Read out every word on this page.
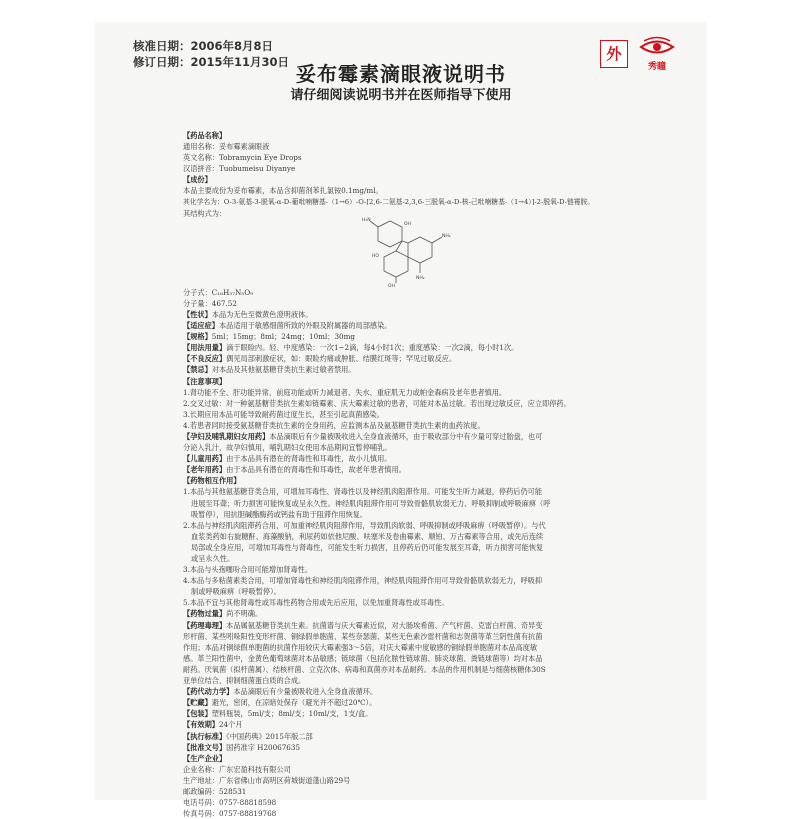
核准日期：2006年8月8日
修订日期：2015年11月30日	外
秀瞳
妥布霉素滴眼液说明书
请仔细阅读说明书并在医师指导下使用
【药品名称】
通用名称：妥布霉素滴眼液
英文名称：Tobramycin Eye Drops
汉语拼音：Tuobumeisu Diyanye
【成份】
本品主要成份为妥布霉素，本品含抑菌剂苯扎氯铵0.1mg/ml。
其化学名为：O-3-氨基-3-脱氧-α-D-葡吡喃糖基-（1→6）-O-[2,6-二氨基-2,3,6-三脱氧-α-D-核-己吡喃糖基-（1→4）]-2-脱氧-D-链霉胺。
其结构式为：
H₂N
NH₂
OH
NH₂
OH
HO
分子式：C₁₈H₃₇N₅O₉
分子量：467.52
【性状】本品为无色至微黄色澄明液体。
【适应症】本品适用于敏感细菌所致的外眼及附属器的局部感染。
【规格】5ml；15mg；8ml；24mg；10ml；30mg
【用法用量】滴于眼睑内。轻、中度感染：一次1~2滴，每4小时1次；重度感染：一次2滴，每小时1次。
【不良反应】偶见局部刺激症状，如：眼睑灼痛或肿胀、结膜红斑等；罕见过敏反应。
【禁忌】对本品及其他氨基糖苷类抗生素过敏者禁用。
【注意事项】
1.肾功能不全、肝功能异常、前庭功能或听力减退者、失水、重症肌无力或帕金森病及老年患者慎用。
2.交叉过敏：对一种氨基糖苷类抗生素如链霉素、庆大霉素过敏的患者，可能对本品过敏。若出现过敏反应，应立即停药。
3.长期应用本品可能导致耐药菌过度生长，甚至引起真菌感染。
4.若患者同时接受氨基糖苷类抗生素的全身用药，应监测本品及氨基糖苷类抗生素的血药浓度。
【孕妇及哺乳期妇女用药】本品滴眼后有少量被吸收进入全身血液循环，由于吸收部分中有少量可穿过胎盘，也可
分泌入乳汁，故孕妇慎用，哺乳期妇女使用本品期间宜暂停哺乳。
【儿童用药】由于本品具有潜在的肾毒性和耳毒性，故小儿慎用。
【老年用药】由于本品具有潜在的肾毒性和耳毒性，故老年患者慎用。
【药物相互作用】
1.本品与其他氨基糖苷类合用，可增加耳毒性、肾毒性以及神经肌肉阻滞作用。可能发生听力减退，停药后仍可能
进展至耳聋；听力损害可能恢复或呈永久性。神经肌肉阻滞作用可导致骨骼肌软弱无力、呼吸抑制或呼吸麻痹（呼
吸暂停），用抗胆碱酯酶药或钙盐有助于阻滞作用恢复。
2.本品与神经肌肉阻滞药合用，可加重神经肌肉阻滞作用，导致肌肉软弱、呼吸抑制或呼吸麻痹（呼吸暂停）。与代
血浆类药如右旋糖酐、海藻酸钠，利尿药如依他尼酸、呋塞米及卷曲霉素、顺铂、万古霉素等合用，或先后连续
局部或全身应用，可增加耳毒性与肾毒性，可能发生听力损害，且停药后仍可能发展至耳聋，听力损害可能恢复
或呈永久性。
3.本品与头孢噻吩合用可能增加肾毒性。
4.本品与多粘菌素类合用，可增加肾毒性和神经肌肉阻滞作用，神经肌肉阻滞作用可导致骨骼肌软弱无力，呼吸抑
制或呼吸麻痹（呼吸暂停）。
5.本品不宜与其他肾毒性或耳毒性药物合用或先后应用，以免加重肾毒性或耳毒性。
【药物过量】尚不明确。
【药理毒理】本品属氨基糖苷类抗生素。抗菌谱与庆大霉素近似，对大肠埃希菌、产气杆菌、克雷白杆菌、奇异变
形杆菌、某些吲哚阳性变形杆菌、铜绿假单胞菌、某些奈瑟菌、某些无色素沙雷杆菌和志贺菌等革兰阴性菌有抗菌
作用；本品对铜绿假单胞菌的抗菌作用较庆大霉素强3～5倍，对庆大霉素中度敏感的铜绿假单胞菌对本品高度敏
感。革兰阳性菌中，金黄色葡萄球菌对本品敏感；链球菌（包括化脓性链球菌、肺炎球菌、粪链球菌等）均对本品
耐药。厌氧菌（拟杆菌属）、结核杆菌、立克次体、病毒和真菌亦对本品耐药。本品的作用机制是与细菌核糖体30S
亚单位结合，抑制细菌蛋白质的合成。
【药代动力学】本品滴眼后有少量被吸收进入全身血液循环。
【贮藏】避光，密闭，在凉暗处保存（避光并不超过20℃）。
【包装】塑料瓶装，5ml/支；8ml/支；10ml/支，1支/盒。
【有效期】24个月
【执行标准】《中国药典》2015年版二部
【批准文号】国药准字 H20067635
【生产企业】
企业名称：广东宏盈科技有限公司
生产地址：广东省佛山市高明区荷城街道蓬山路29号
邮政编码：528531
电话号码：0757-88818598
传真号码：0757-88819768
